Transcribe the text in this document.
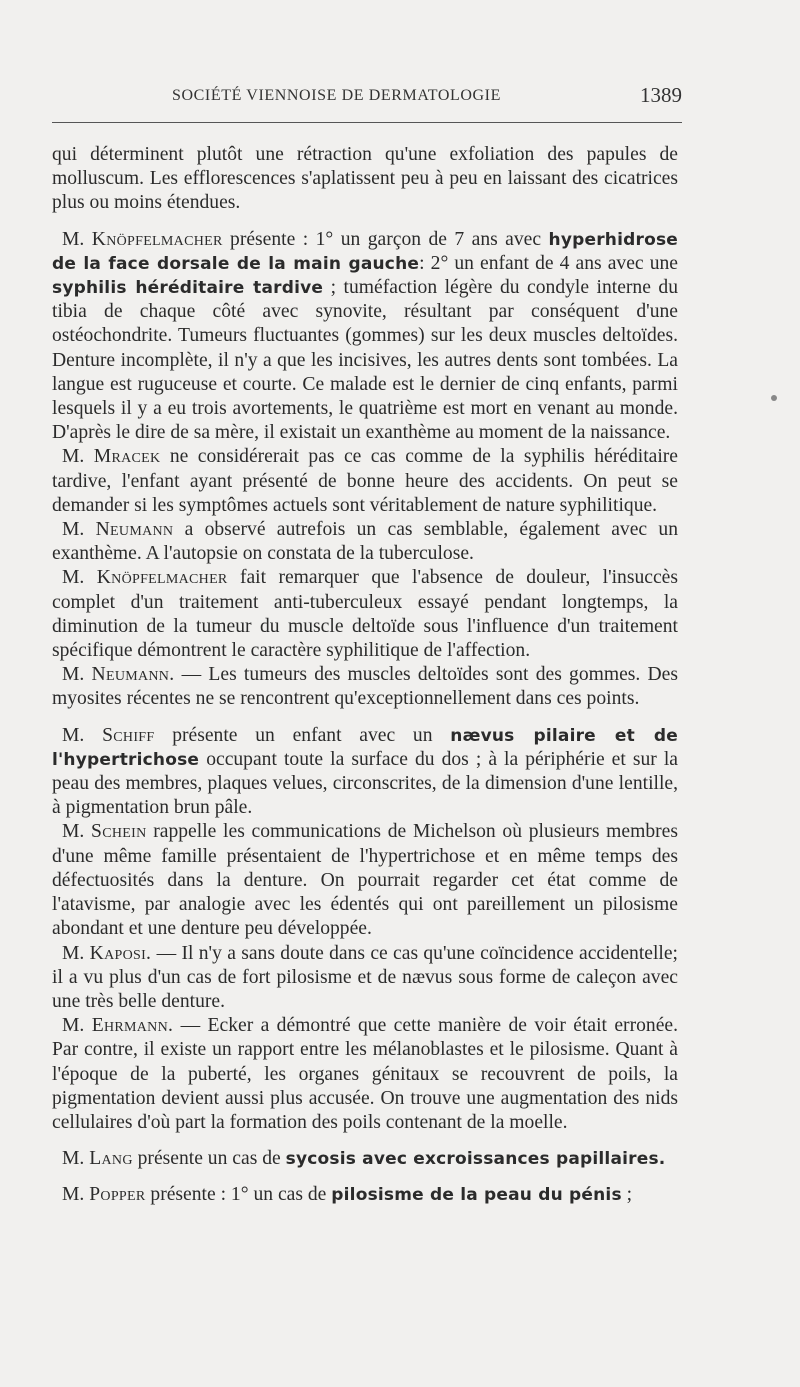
SOCIÉTÉ VIENNOISE DE DERMATOLOGIE	1389

qui déterminent plutôt une rétraction qu'une exfoliation des papules de molluscum. Les efflorescences s'aplatissent peu à peu en laissant des cicatrices plus ou moins étendues.

M. Knöpfelmacher présente : 1° un garçon de 7 ans avec hyperhidrose de la face dorsale de la main gauche: 2° un enfant de 4 ans avec une syphilis héréditaire tardive ; tuméfaction légère du condyle interne du tibia de chaque côté avec synovite, résultant par conséquent d'une ostéochondrite. Tumeurs fluctuantes (gommes) sur les deux muscles deltoïdes. Denture incomplète, il n'y a que les incisives, les autres dents sont tombées. La langue est ruguceuse et courte. Ce malade est le dernier de cinq enfants, parmi lesquels il y a eu trois avortements, le quatrième est mort en venant au monde. D'après le dire de sa mère, il existait un exanthème au moment de la naissance.

M. Mracek ne considérerait pas ce cas comme de la syphilis héréditaire tardive, l'enfant ayant présenté de bonne heure des accidents. On peut se demander si les symptômes actuels sont véritablement de nature syphilitique.

M. Neumann a observé autrefois un cas semblable, également avec un exanthème. A l'autopsie on constata de la tuberculose.

M. Knöpfelmacher fait remarquer que l'absence de douleur, l'insuccès complet d'un traitement anti-tuberculeux essayé pendant longtemps, la diminution de la tumeur du muscle deltoïde sous l'influence d'un traitement spécifique démontrent le caractère syphilitique de l'affection.

M. Neumann. — Les tumeurs des muscles deltoïdes sont des gommes. Des myosites récentes ne se rencontrent qu'exceptionnellement dans ces points.

M. Schiff présente un enfant avec un nævus pilaire et de l'hypertrichose occupant toute la surface du dos ; à la périphérie et sur la peau des membres, plaques velues, circonscrites, de la dimension d'une lentille, à pigmentation brun pâle.

M. Schein rappelle les communications de Michelson où plusieurs membres d'une même famille présentaient de l'hypertrichose et en même temps des défectuosités dans la denture. On pourrait regarder cet état comme de l'atavisme, par analogie avec les édentés qui ont pareillement un pilosisme abondant et une denture peu développée.

M. Kaposi. — Il n'y a sans doute dans ce cas qu'une coïncidence accidentelle; il a vu plus d'un cas de fort pilosisme et de nævus sous forme de caleçon avec une très belle denture.

M. Ehrmann. — Ecker a démontré que cette manière de voir était erronée. Par contre, il existe un rapport entre les mélanoblastes et le pilosisme. Quant à l'époque de la puberté, les organes génitaux se recouvrent de poils, la pigmentation devient aussi plus accusée. On trouve une augmentation des nids cellulaires d'où part la formation des poils contenant de la moelle.

M. Lang présente un cas de sycosis avec excroissances papillaires.

M. Popper présente : 1° un cas de pilosisme de la peau du pénis ;
